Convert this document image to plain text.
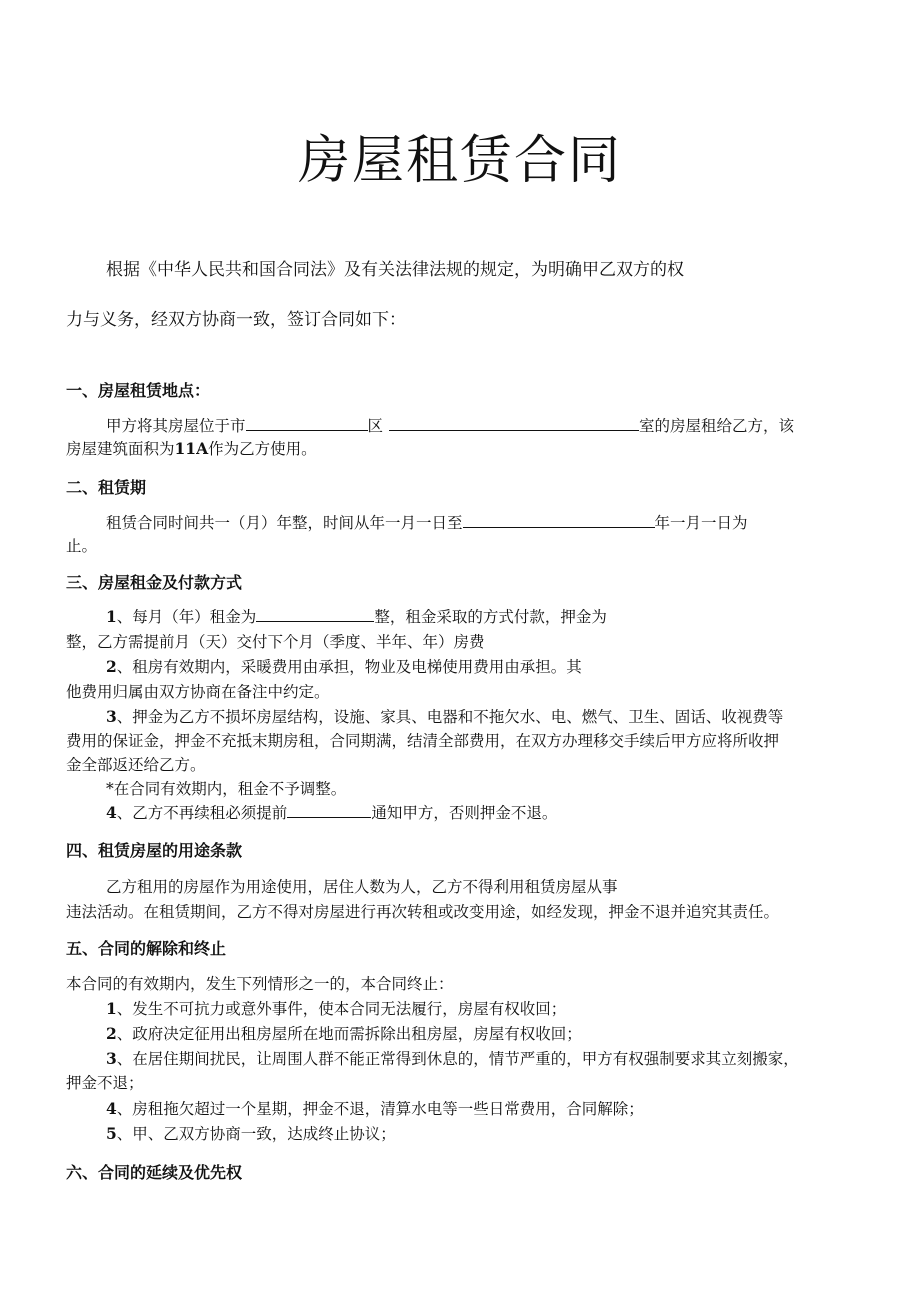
房屋租赁合同
根据《中华人民共和国合同法》及有关法律法规的规定，为明确甲乙双方的权
力与义务，经双方协商一致，签订合同如下：
一、房屋租赁地点：
甲方将其房屋位于市	区	室的房屋租给乙方，该
房屋建筑面积为11A作为乙方使用。
二、租赁期
租赁合同时间共一（月）年整，时间从年一月一日至	年一月一日为
止。
三、房屋租金及付款方式
1、每月（年）租金为	整，租金采取的方式付款，押金为
整，乙方需提前月（天）交付下个月（季度、半年、年）房费
2、租房有效期内，采暖费用由承担，物业及电梯使用费用由承担。其
他费用归属由双方协商在备注中约定。
3、押金为乙方不损坏房屋结构，设施、家具、电器和不拖欠水、电、燃气、卫生、固话、收视费等
费用的保证金，押金不充抵末期房租，合同期满，结清全部费用，在双方办理移交手续后甲方应将所收押
金全部返还给乙方。
*在合同有效期内，租金不予调整。
4、乙方不再续租必须提前	通知甲方，否则押金不退。
四、租赁房屋的用途条款
乙方租用的房屋作为用途使用，居住人数为人，乙方不得利用租赁房屋从事
违法活动。在租赁期间，乙方不得对房屋进行再次转租或改变用途，如经发现，押金不退并追究其责任。
五、合同的解除和终止
本合同的有效期内，发生下列情形之一的，本合同终止：
1、发生不可抗力或意外事件，使本合同无法履行，房屋有权收回；
2、政府决定征用出租房屋所在地而需拆除出租房屋，房屋有权收回；
3、在居住期间扰民，让周围人群不能正常得到休息的，情节严重的，甲方有权强制要求其立刻搬家，
押金不退；
4、房租拖欠超过一个星期，押金不退，清算水电等一些日常费用，合同解除；
5、甲、乙双方协商一致，达成终止协议；
六、合同的延续及优先权
